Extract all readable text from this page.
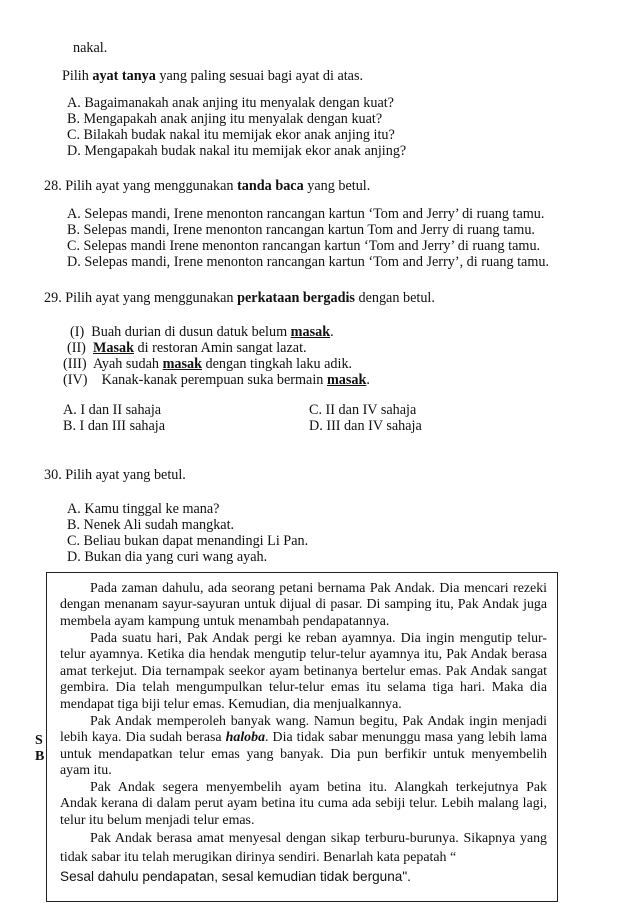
nakal.
Pilih ayat tanya yang paling sesuai bagi ayat di atas.
A. Bagaimanakah anak anjing itu menyalak dengan kuat?
B. Mengapakah anak anjing itu menyalak dengan kuat?
C. Bilakah budak nakal itu memijak ekor anak anjing itu?
D. Mengapakah budak nakal itu memijak ekor anak anjing?
28. Pilih ayat yang menggunakan tanda baca yang betul.
A. Selepas mandi, Irene menonton rancangan kartun ‘Tom and Jerry’ di ruang tamu.
B. Selepas mandi, Irene menonton rancangan kartun Tom and Jerry di ruang tamu.
C. Selepas mandi Irene menonton rancangan kartun ‘Tom and Jerry’ di ruang tamu.
D. Selepas mandi, Irene menonton rancangan kartun ‘Tom and Jerry’, di ruang tamu.
29. Pilih ayat yang menggunakan perkataan bergadis dengan betul.
(I) Buah durian di dusun datuk belum masak.
(II) Masak di restoran Amin sangat lazat.
(III) Ayah sudah masak dengan tingkah laku adik.
(IV) Kanak-kanak perempuan suka bermain masak.
A. I dan II sahaja	C. II dan IV sahaja
B. I dan III sahaja	D. III dan IV sahaja
30. Pilih ayat yang betul.
A. Kamu tinggal ke mana?
B. Nenek Ali sudah mangkat.
C. Beliau bukan dapat menandingi Li Pan.
D. Bukan dia yang curi wang ayah.
S
B
Pada zaman dahulu, ada seorang petani bernama Pak Andak. Dia mencari rezeki dengan menanam sayur-sayuran untuk dijual di pasar. Di samping itu, Pak Andak juga membela ayam kampung untuk menambah pendapatannya.
Pada suatu hari, Pak Andak pergi ke reban ayamnya. Dia ingin mengutip telur-telur ayamnya. Ketika dia hendak mengutip telur-telur ayamnya itu, Pak Andak berasa amat terkejut. Dia ternampak seekor ayam betinanya bertelur emas. Pak Andak sangat gembira. Dia telah mengumpulkan telur-telur emas itu selama tiga hari. Maka dia mendapat tiga biji telur emas. Kemudian, dia menjualkannya.
Pak Andak memperoleh banyak wang. Namun begitu, Pak Andak ingin menjadi lebih kaya. Dia sudah berasa haloba. Dia tidak sabar menunggu masa yang lebih lama untuk mendapatkan telur emas yang banyak. Dia pun berfikir untuk menyembelih ayam itu.
Pak Andak segera menyembelih ayam betina itu. Alangkah terkejutnya Pak Andak kerana di dalam perut ayam betina itu cuma ada sebiji telur. Lebih malang lagi, telur itu belum menjadi telur emas.
Pak Andak berasa amat menyesal dengan sikap terburu-burunya. Sikapnya yang tidak sabar itu telah merugikan dirinya sendiri. Benarlah kata pepatah “
Sesal dahulu pendapatan, sesal kemudian tidak berguna".
